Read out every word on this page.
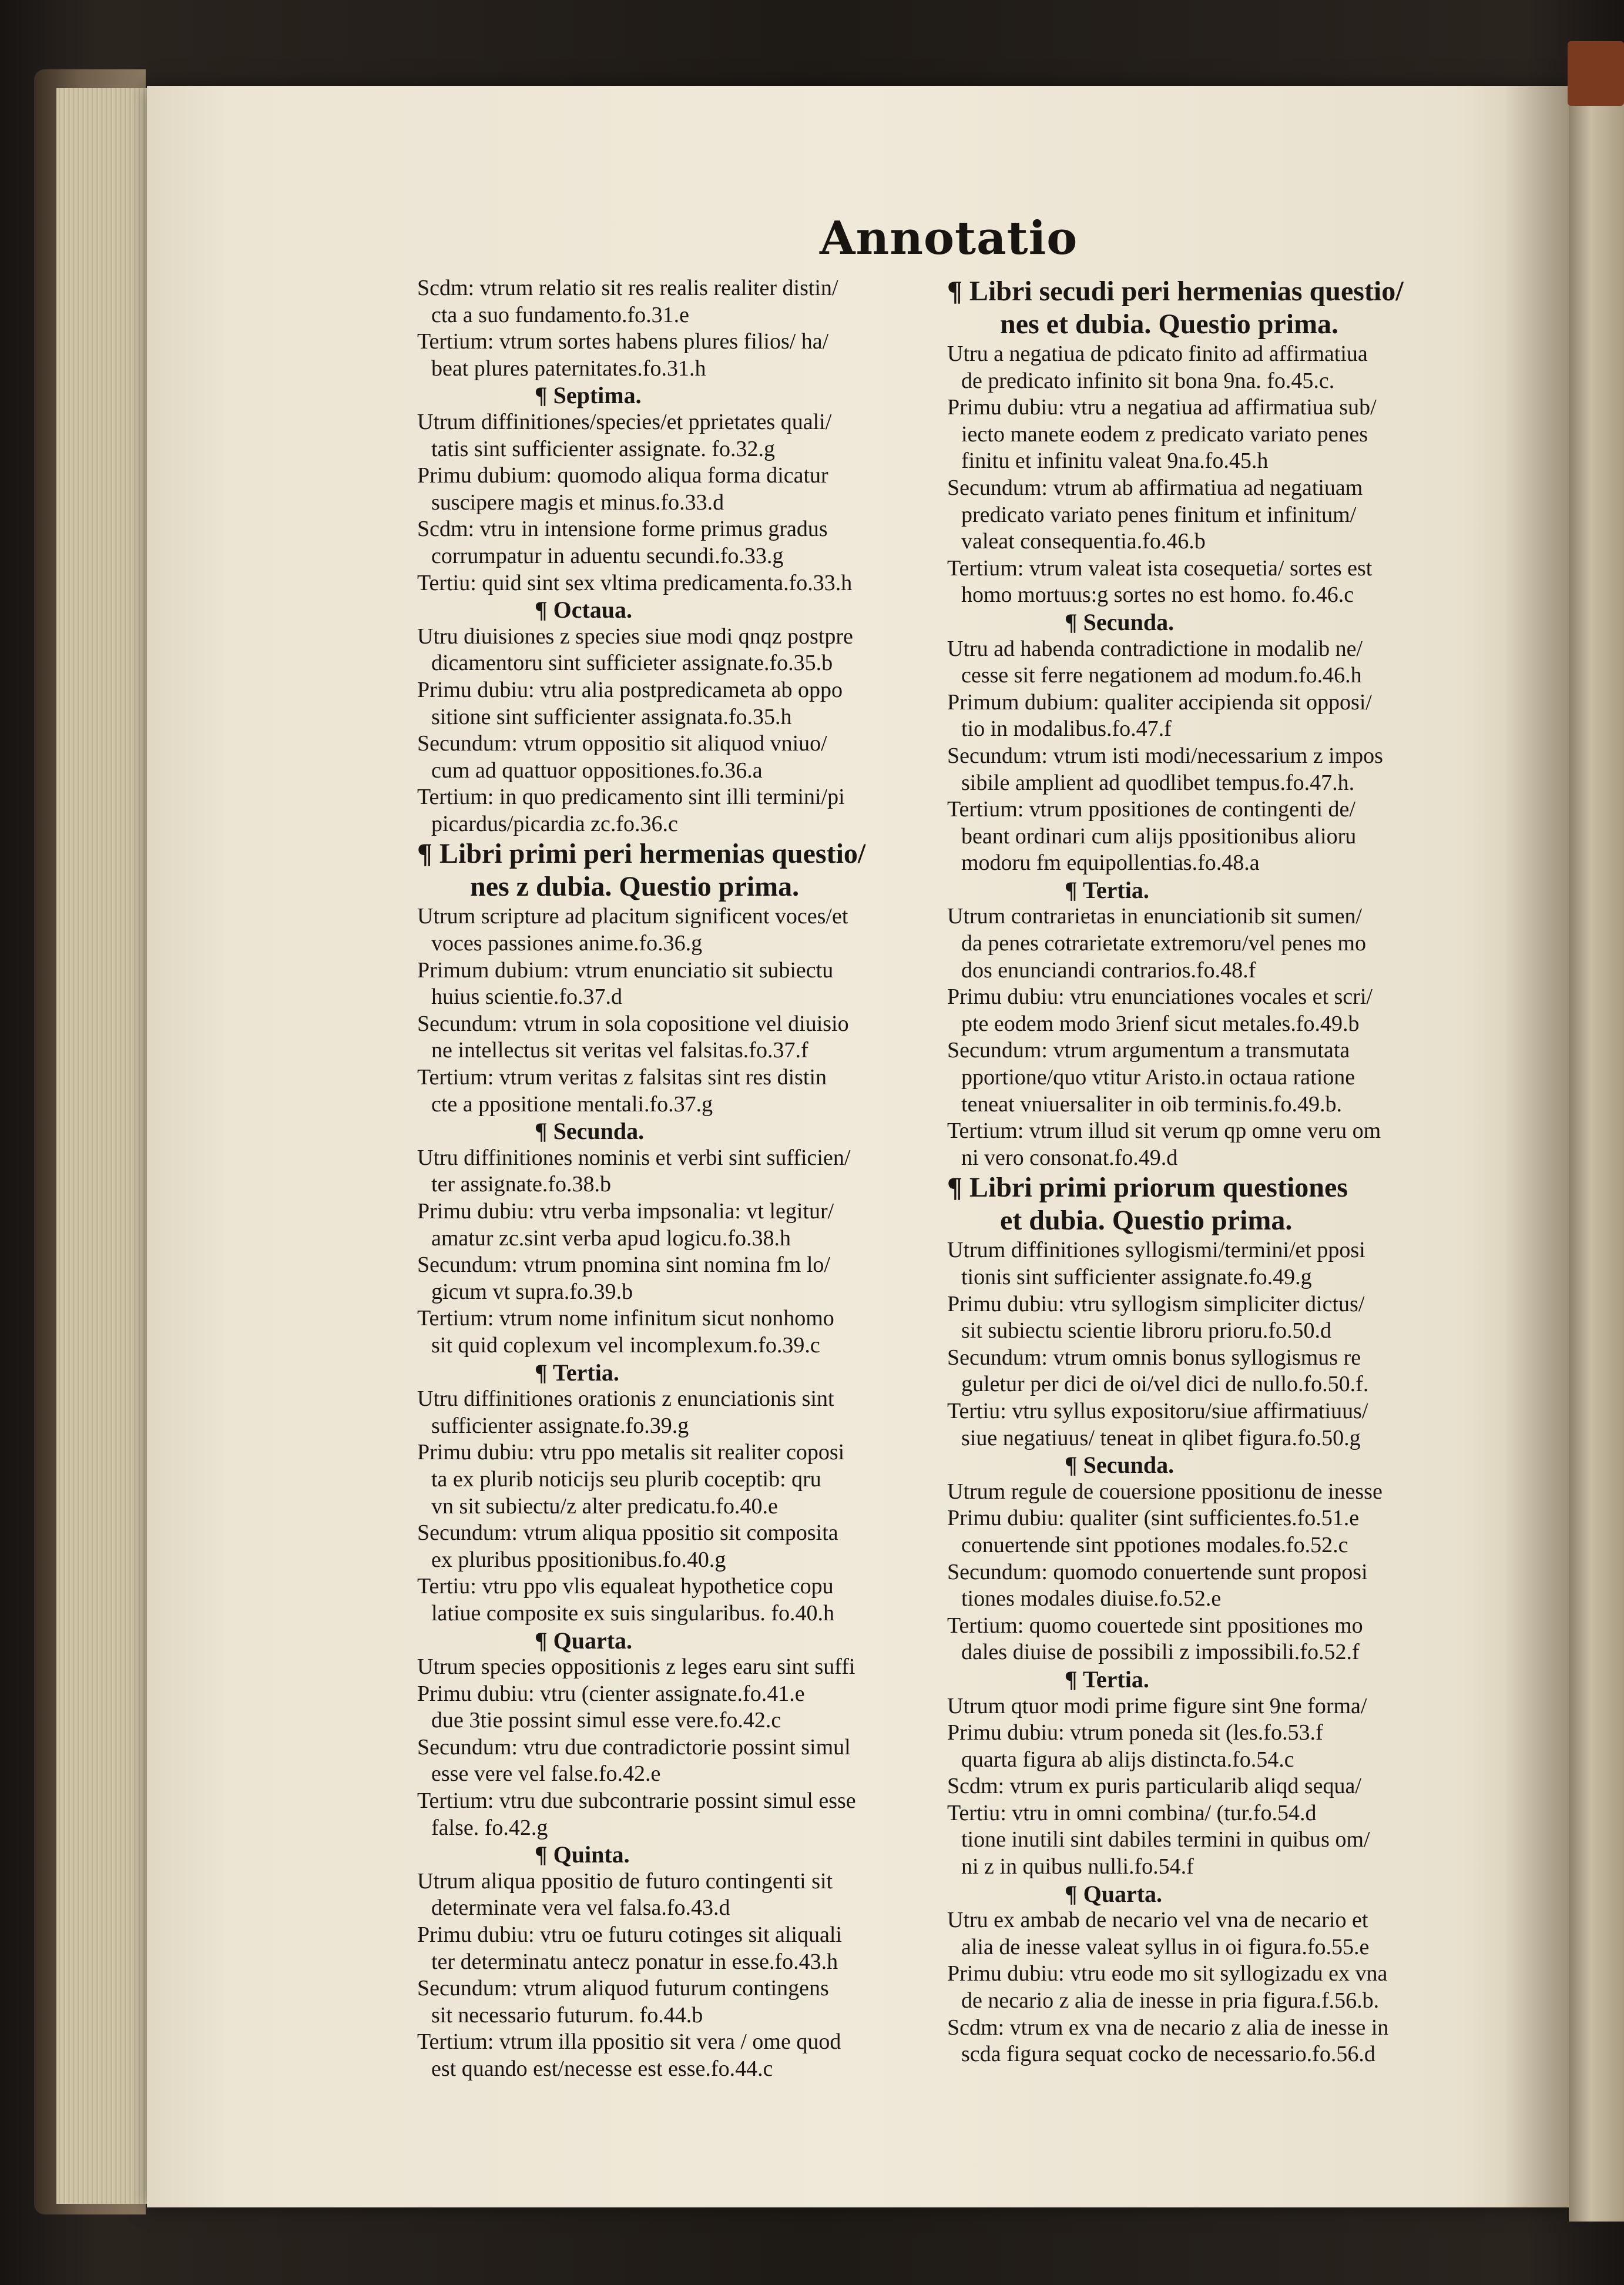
Annotatio
Scdm: vtrum relatio sit res realis realiter distin/
cta a suo fundamento.fo.31.e
Tertium: vtrum sortes habens plures filios/ ha/
beat plures paternitates.fo.31.h
¶ Septima.
Utrum diffinitiones/species/et pprietates quali/
tatis sint sufficienter assignate. fo.32.g
Primu dubium: quomodo aliqua forma dicatur
suscipere magis et minus.fo.33.d
Scdm: vtru in intensione forme primus gradus
corrumpatur in aduentu secundi.fo.33.g
Tertiu: quid sint sex vltima predicamenta.fo.33.h
¶ Octaua.
Utru diuisiones z species siue modi qnqz postpre
dicamentoru sint sufficieter assignate.fo.35.b
Primu dubiu: vtru alia postpredicameta ab oppo
sitione sint sufficienter assignata.fo.35.h
Secundum: vtrum oppositio sit aliquod vniuo/
cum ad quattuor oppositiones.fo.36.a
Tertium: in quo predicamento sint illi termini/pi
picardus/picardia zc.fo.36.c
¶ Libri primi peri hermenias questio/
nes z dubia. Questio prima.
Utrum scripture ad placitum significent voces/et
voces passiones anime.fo.36.g
Primum dubium: vtrum enunciatio sit subiectu
huius scientie.fo.37.d
Secundum: vtrum in sola copositione vel diuisio
ne intellectus sit veritas vel falsitas.fo.37.f
Tertium: vtrum veritas z falsitas sint res distin
cte a ppositione mentali.fo.37.g
¶ Secunda.
Utru diffinitiones nominis et verbi sint sufficien/
ter assignate.fo.38.b
Primu dubiu: vtru verba impsonalia: vt legitur/
amatur zc.sint verba apud logicu.fo.38.h
Secundum: vtrum pnomina sint nomina fm lo/
gicum vt supra.fo.39.b
Tertium: vtrum nome infinitum sicut nonhomo
sit quid coplexum vel incomplexum.fo.39.c
¶ Tertia.
Utru diffinitiones orationis z enunciationis sint
sufficienter assignate.fo.39.g
Primu dubiu: vtru ppo metalis sit realiter coposi
ta ex plurib noticijs seu plurib coceptib: qru
vn sit subiectu/z alter predicatu.fo.40.e
Secundum: vtrum aliqua ppositio sit composita
ex pluribus ppositionibus.fo.40.g
Tertiu: vtru ppo vlis equaleat hypothetice copu
latiue composite ex suis singularibus. fo.40.h
¶ Quarta.
Utrum species oppositionis z leges earu sint suffi
Primu dubiu: vtru (cienter assignate.fo.41.e
due 3tie possint simul esse vere.fo.42.c
Secundum: vtru due contradictorie possint simul
esse vere vel false.fo.42.e
Tertium: vtru due subcontrarie possint simul esse
false. fo.42.g
¶ Quinta.
Utrum aliqua ppositio de futuro contingenti sit
determinate vera vel falsa.fo.43.d
Primu dubiu: vtru oe futuru cotinges sit aliquali
ter determinatu antecz ponatur in esse.fo.43.h
Secundum: vtrum aliquod futurum contingens
sit necessario futurum. fo.44.b
Tertium: vtrum illa ppositio sit vera / ome quod
est quando est/necesse est esse.fo.44.c
¶ Libri secudi peri hermenias questio/
nes et dubia. Questio prima.
Utru a negatiua de pdicato finito ad affirmatiua
de predicato infinito sit bona 9na. fo.45.c.
Primu dubiu: vtru a negatiua ad affirmatiua sub/
iecto manete eodem z predicato variato penes
finitu et infinitu valeat 9na.fo.45.h
Secundum: vtrum ab affirmatiua ad negatiuam
predicato variato penes finitum et infinitum/
valeat consequentia.fo.46.b
Tertium: vtrum valeat ista cosequetia/ sortes est
homo mortuus:g sortes no est homo. fo.46.c
¶ Secunda.
Utru ad habenda contradictione in modalib ne/
cesse sit ferre negationem ad modum.fo.46.h
Primum dubium: qualiter accipienda sit opposi/
tio in modalibus.fo.47.f
Secundum: vtrum isti modi/necessarium z impos
sibile amplient ad quodlibet tempus.fo.47.h.
Tertium: vtrum ppositiones de contingenti de/
beant ordinari cum alijs ppositionibus alioru
modoru fm equipollentias.fo.48.a
¶ Tertia.
Utrum contrarietas in enunciationib sit sumen/
da penes cotrarietate extremoru/vel penes mo
dos enunciandi contrarios.fo.48.f
Primu dubiu: vtru enunciationes vocales et scri/
pte eodem modo 3rienf sicut metales.fo.49.b
Secundum: vtrum argumentum a transmutata
pportione/quo vtitur Aristo.in octaua ratione
teneat vniuersaliter in oib terminis.fo.49.b.
Tertium: vtrum illud sit verum qp omne veru om
ni vero consonat.fo.49.d
¶ Libri primi priorum questiones
et dubia. Questio prima.
Utrum diffinitiones syllogismi/termini/et pposi
tionis sint sufficienter assignate.fo.49.g
Primu dubiu: vtru syllogism simpliciter dictus/
sit subiectu scientie libroru prioru.fo.50.d
Secundum: vtrum omnis bonus syllogismus re
guletur per dici de oi/vel dici de nullo.fo.50.f.
Tertiu: vtru syllus expositoru/siue affirmatiuus/
siue negatiuus/ teneat in qlibet figura.fo.50.g
¶ Secunda.
Utrum regule de couersione ppositionu de inesse
Primu dubiu: qualiter (sint sufficientes.fo.51.e
conuertende sint ppotiones modales.fo.52.c
Secundum: quomodo conuertende sunt proposi
tiones modales diuise.fo.52.e
Tertium: quomo couertede sint ppositiones mo
dales diuise de possibili z impossibili.fo.52.f
¶ Tertia.
Utrum qtuor modi prime figure sint 9ne forma/
Primu dubiu: vtrum poneda sit (les.fo.53.f
quarta figura ab alijs distincta.fo.54.c
Scdm: vtrum ex puris particularib aliqd sequa/
Tertiu: vtru in omni combina/ (tur.fo.54.d
tione inutili sint dabiles termini in quibus om/
ni z in quibus nulli.fo.54.f
¶ Quarta.
Utru ex ambab de necario vel vna de necario et
alia de inesse valeat syllus in oi figura.fo.55.e
Primu dubiu: vtru eode mo sit syllogizadu ex vna
de necario z alia de inesse in pria figura.f.56.b.
Scdm: vtrum ex vna de necario z alia de inesse in
scda figura sequat cocko de necessario.fo.56.d
